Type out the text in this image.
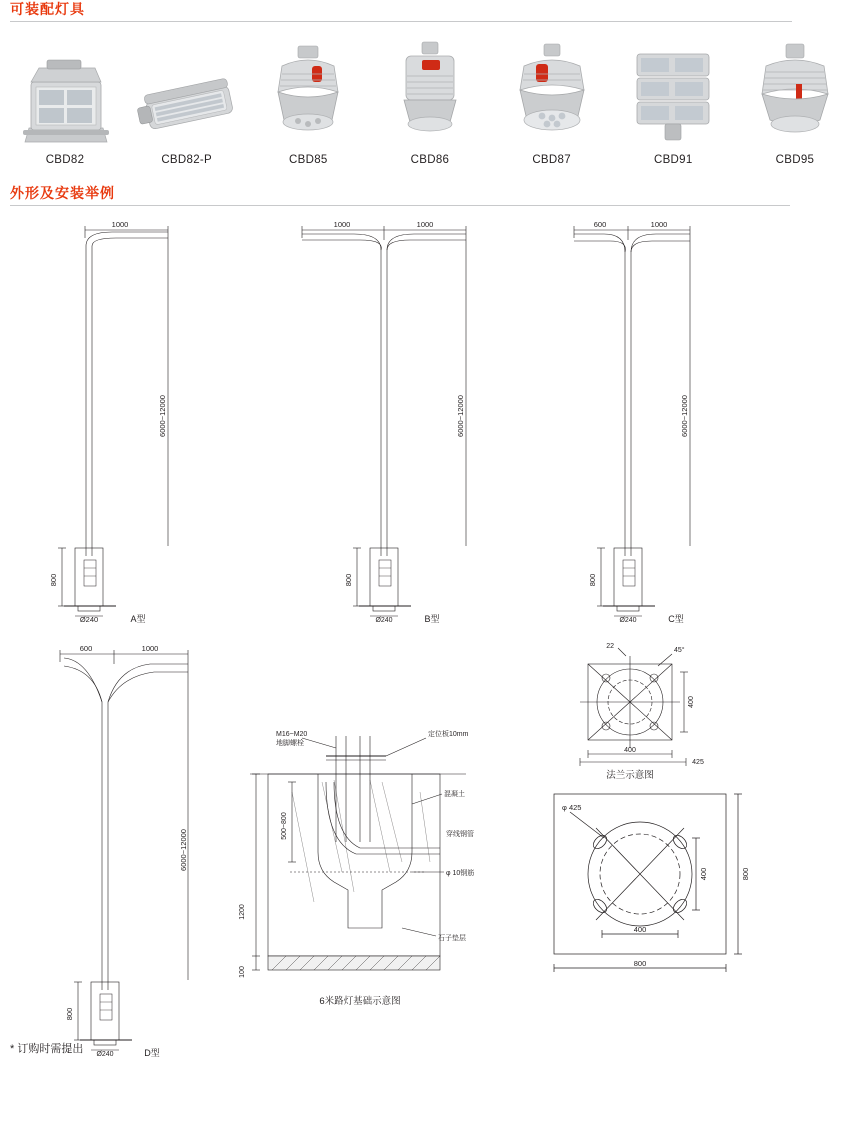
可装配灯具
CBD82	CBD82-P	CBD85	CBD86	CBD87	CBD91	CBD95
外形及安装举例
1000
6000~12000
800
Ø240	A型
1000	1000
6000~12000
800
Ø240	B型
600	1000
6000~12000
800
Ø240	C型
600	1000
6000~12000
800
Ø240	D型
1200
100
500~800
M16~M20
地脚螺栓
定位板10mm
混凝土
穿线钢管
φ 10钢筋
石子垫层
6米路灯基础示意图
22
45°
400
425
400
法兰示意图
φ 425
400
800
400	800
* 订购时需提出
